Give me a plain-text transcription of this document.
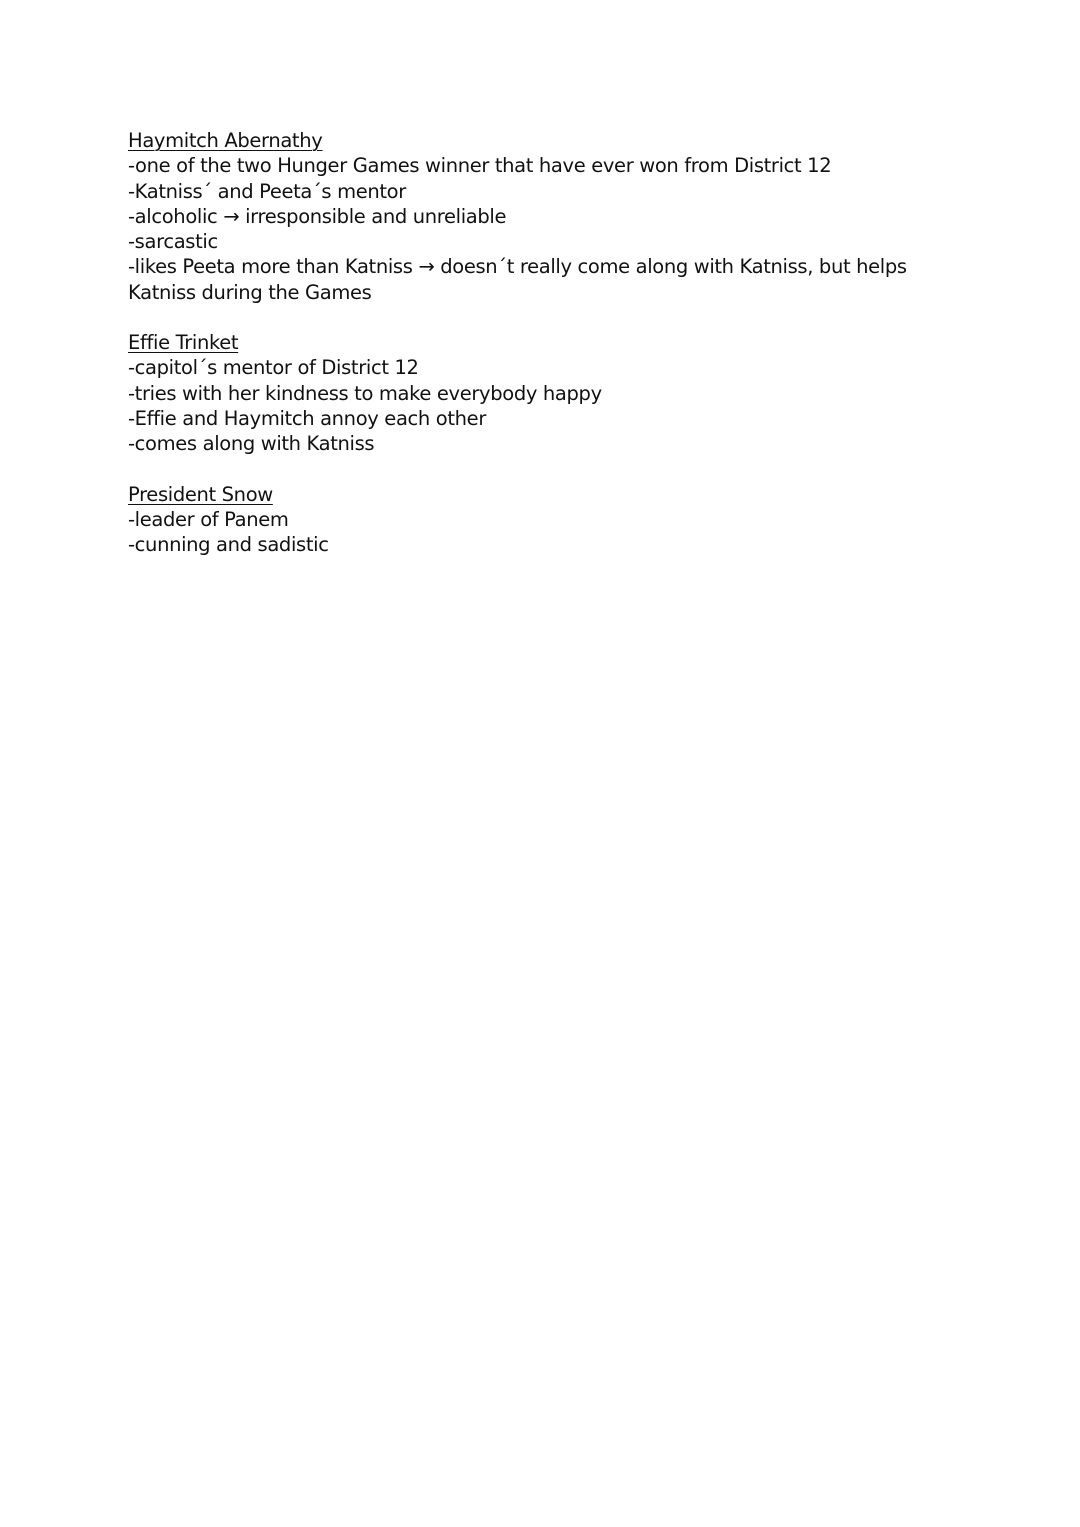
Haymitch Abernathy
-one of the two Hunger Games winner that have ever won from District 12
-Katniss´ and Peeta´s mentor
-alcoholic → irresponsible and unreliable
-sarcastic
-likes Peeta more than Katniss → doesn´t really come along with Katniss, but helps Katniss during the Games
Effie Trinket
-capitol´s mentor of District 12
-tries with her kindness to make everybody happy
-Effie and Haymitch annoy each other
-comes along with Katniss
President Snow
-leader of Panem
-cunning and sadistic
